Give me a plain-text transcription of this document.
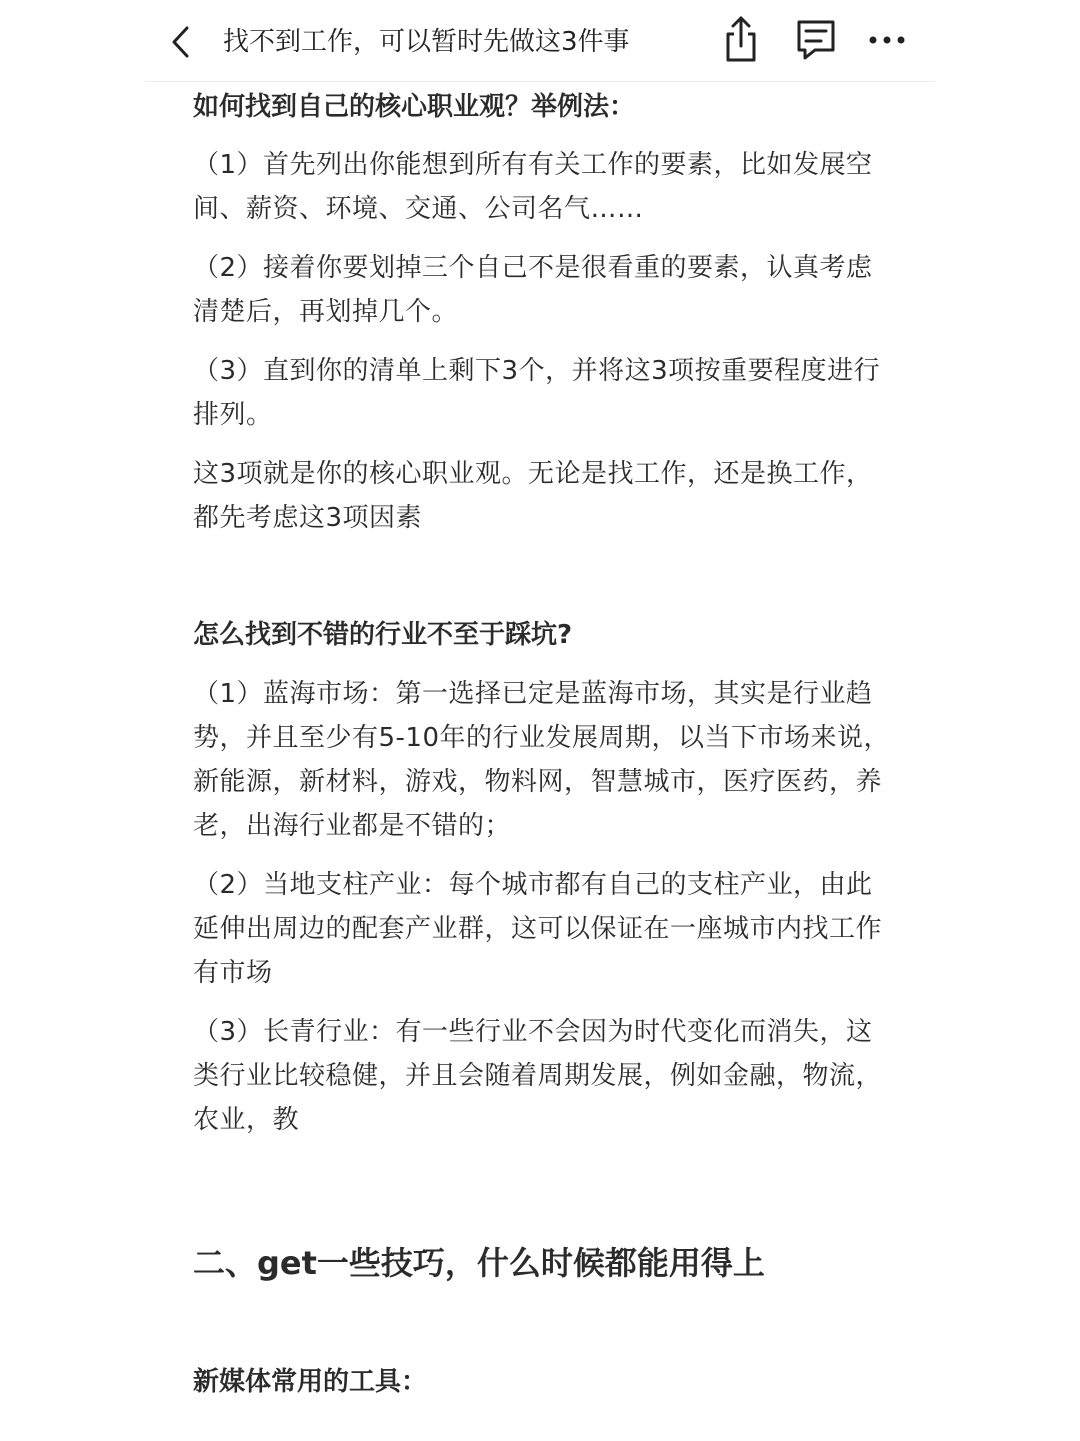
找不到工作，可以暂时先做这3件事
如何找到自己的核心职业观？举例法：
（1）首先列出你能想到所有有关工作的要素，比如发展空间、薪资、环境、交通、公司名气……
（2）接着你要划掉三个自己不是很看重的要素，认真考虑清楚后，再划掉几个。
（3）直到你的清单上剩下3个，并将这3项按重要程度进行排列。
这3项就是你的核心职业观。无论是找工作，还是换工作，都先考虑这3项因素
怎么找到不错的行业不至于踩坑?
（1）蓝海市场：第一选择已定是蓝海市场，其实是行业趋势，并且至少有5-10年的行业发展周期，以当下市场来说，新能源，新材料，游戏，物料网，智慧城市，医疗医药，养老，出海行业都是不错的；
（2）当地支柱产业：每个城市都有自己的支柱产业，由此延伸出周边的配套产业群，这可以保证在一座城市内找工作有市场
（3）长青行业：有一些行业不会因为时代变化而消失，这类行业比较稳健，并且会随着周期发展，例如金融，物流，农业，教
二、get一些技巧，什么时候都能用得上
新媒体常用的工具：
